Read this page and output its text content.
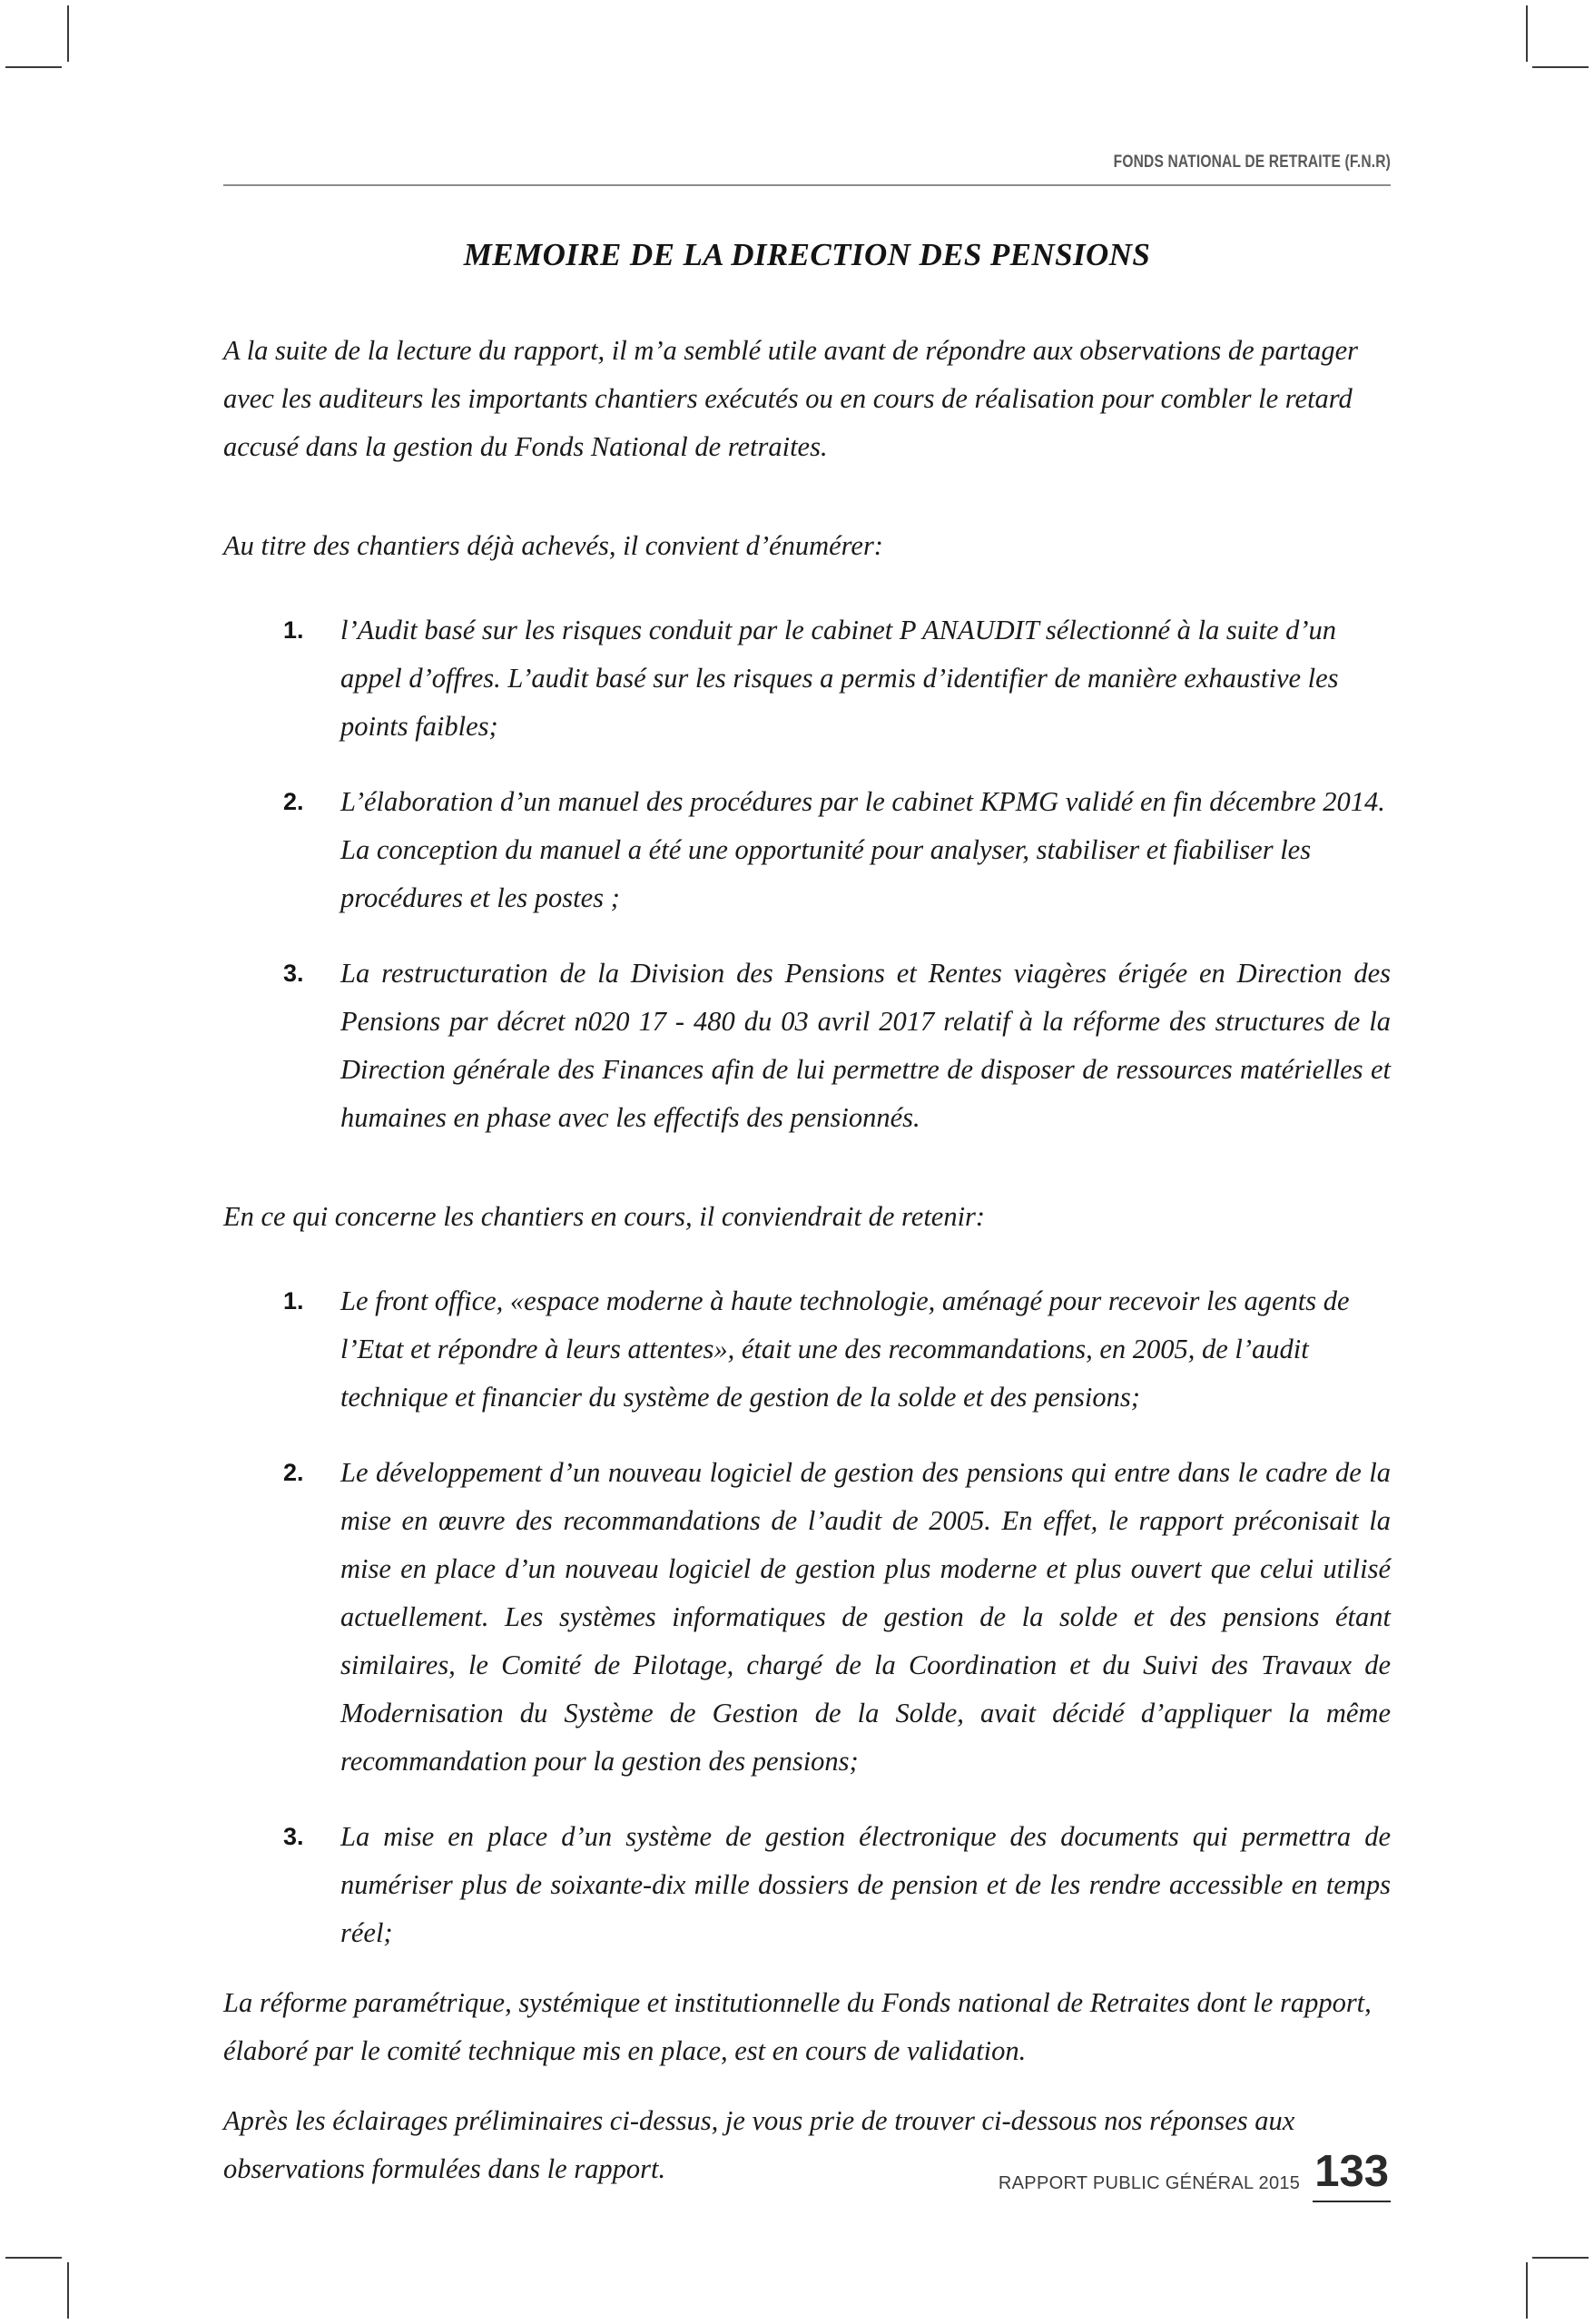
FONDS NATIONAL DE RETRAITE (F.N.R)
MEMOIRE DE LA DIRECTION DES PENSIONS

A la suite de la lecture du rapport, il m’a semblé utile avant de répondre aux observations de partager avec les auditeurs les importants chantiers exécutés ou en cours de réalisation pour combler le retard accusé dans la gestion du Fonds National de retraites.

Au titre des chantiers déjà achevés, il convient d’énumérer:

1. l’Audit basé sur les risques conduit par le cabinet P ANAUDIT sélectionné à la suite d’un appel d’offres. L’audit basé sur les risques a permis d’identifier de manière exhaustive les points faibles;
2. L’élaboration d’un manuel des procédures par le cabinet KPMG validé en fin décembre 2014. La conception du manuel a été une opportunité pour analyser, stabiliser et fiabiliser les procédures et les postes ;
3. La restructuration de la Division des Pensions et Rentes viagères érigée en Direction des Pensions par décret n020 17 - 480 du 03 avril 2017 relatif à la réforme des structures de la Direction générale des Finances afin de lui permettre de disposer de ressources matérielles et humaines en phase avec les effectifs des pensionnés.

En ce qui concerne les chantiers en cours, il conviendrait de retenir:

1. Le front office, «espace moderne à haute technologie, aménagé pour recevoir les agents de l’Etat et répondre à leurs attentes», était une des recommandations, en 2005, de l’audit technique et financier du système de gestion de la solde et des pensions;
2. Le développement d’un nouveau logiciel de gestion des pensions qui entre dans le cadre de la mise en œuvre des recommandations de l’audit de 2005. En effet, le rapport préconisait la mise en place d’un nouveau logiciel de gestion plus moderne et plus ouvert que celui utilisé actuellement. Les systèmes informatiques de gestion de la solde et des pensions étant similaires, le Comité de Pilotage, chargé de la Coordination et du Suivi des Travaux de Modernisation du Système de Gestion de la Solde, avait décidé d’appliquer la même recommandation pour la gestion des pensions;
3. La mise en place d’un système de gestion électronique des documents qui permettra de numériser plus de soixante-dix mille dossiers de pension et de les rendre accessible en temps réel;

La réforme paramétrique, systémique et institutionnelle du Fonds national de Retraites dont le rapport, élaboré par le comité technique mis en place, est en cours de validation.

Après les éclairages préliminaires ci-dessus, je vous prie de trouver ci-dessous nos réponses aux observations formulées dans le rapport.	RAPPORT PUBLIC GÉNÉRAL 2015 133
